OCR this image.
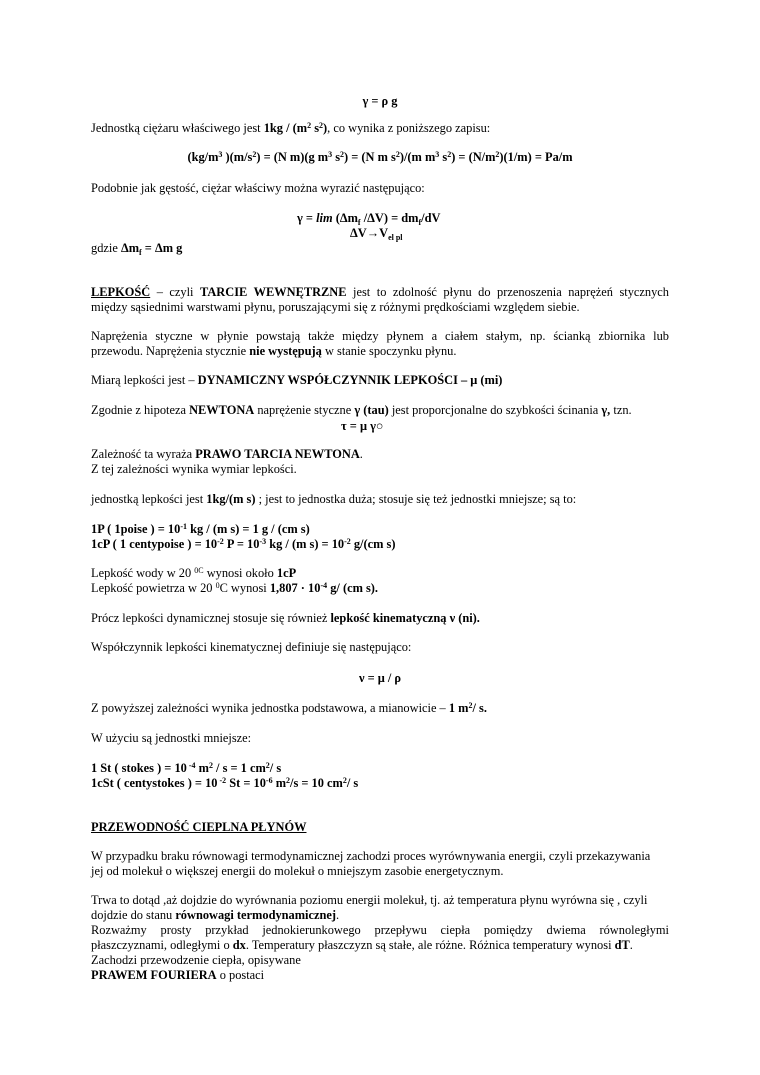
γ = ρ g
Jednostką ciężaru właściwego jest $1kg / (m^2$ $s^2$), co wynika z poniższego zapisu:
($kg/m^3$ )$(m/s^2) = (N$ m)(g $m^3$ $s^2) = (N$ m $s^2)/(m$ $m^3$ $s^2) = (N/m^2)(1/m) = Pa/m$
Podobnie jak gęstość, ciężar właściwy można wyrazić następująco:
$\gamma = \lim (\Delta m_f$ $/\Delta V) = dm_f/dV$
$\Delta V\to V_{el pl}$
gdzie $\Delta m_f = \Delta m$ g
LEPKOŚĆ – czyli TARCIE WEWNĘTRZNE jest to zdolność płynu do przenoszenia naprężeń stycznych
między sąsiednimi warstwami płynu, poruszającymi się z różnymi prędkościami względem siebie.
Naprężenia styczne w płynie powstają także między płynem a ciałem stałym, np. ścianką zbiornika lub
przewodu. Naprężenia stycznie nie występują w stanie spoczynku płynu.
Miarą lepkości jest – DYNAMICZNY WSPÓŁCZYNNIK LEPKOŚCI – μ (mi)
Zgodnie z hipoteza NEWTONA naprężenie styczne γ (tau) jest proporcjonalne do szybkości ścinania γ, tzn.
τ = μ γ○
Zależność ta wyraża PRAWO TARCIA NEWTONA.
Z tej zależności wynika wymiar lepkości.
jednostką lepkości jest 1kg/(m s) ; jest to jednostka duża; stosuje się też jednostki mniejsze; są to:
1P ( 1poise ) = $10^{-1}$ kg / (m s) = 1 g / (cm s)
1cP ( 1 centypoise ) = $10^{-2}$ $P = 10^{-3}$ kg / (m $s) = 10^{-2}$ g/(cm s)
Lepkość wody w 20 $^{0C}$ wynosi około 1cP
Lepkość powietrza w 20 $^0$C wynosi $1,807 \cdot 10^{-4}$ g/ (cm s).
Prócz lepkości dynamicznej stosuje się również lepkość kinematyczną ν (ni).
Współczynnik lepkości kinematycznej definiuje się następująco:
ν = μ / ρ
Z powyższej zależności wynika jednostka podstawowa, a mianowicie – 1 $m^2/$ s.
W użyciu są jednostki mniejsze:
1 St ( stokes ) = 10 $^{-4}$ $m^2 / s = 1$ $cm^2/$ s
1cSt ( centystokes ) = 10 $^{-2}$ $St = 10^{-6}$ $m^2/s = 10$ $cm^2/$ s
PRZEWODNOŚĆ CIEPLNA PŁYNÓW
W przypadku braku równowagi termodynamicznej zachodzi proces wyrównywania energii, czyli przekazywania
jej od molekuł o większej energii do molekuł o mniejszym zasobie energetycznym.
Trwa to dotąd ,aż dojdzie do wyrównania poziomu energii molekuł, tj. aż temperatura płynu wyrówna się , czyli
dojdzie do stanu równowagi termodynamicznej.
Rozważmy prosty przykład jednokierunkowego przepływu ciepła pomiędzy dwiema równoległymi
płaszczyznami, odległymi o dx. Temperatury płaszczyzn są stałe, ale różne. Różnica temperatury wynosi dT.
Zachodzi przewodzenie ciepła, opisywane
PRAWEM FOURIERA o postaci
